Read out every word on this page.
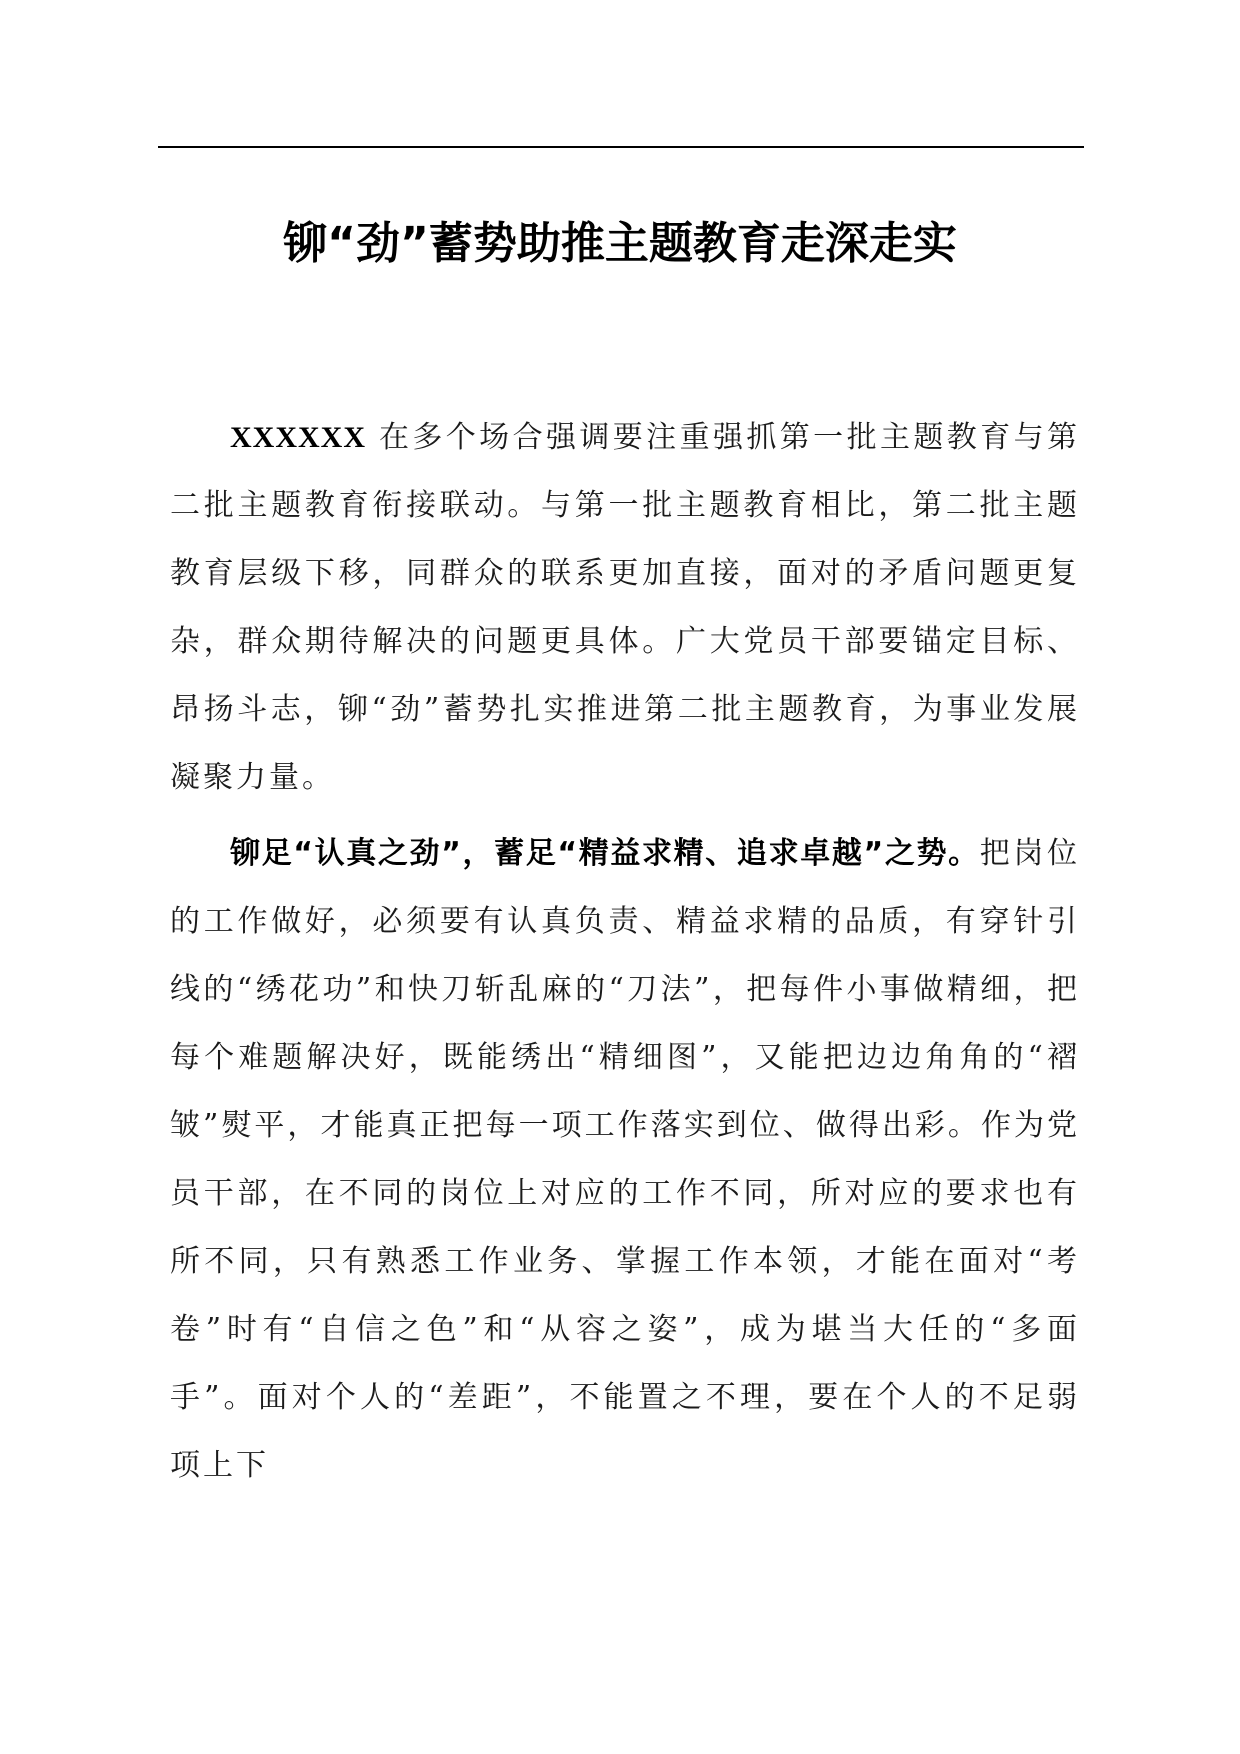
铆“劲”蓄势助推主题教育走深走实

XXXXXX 在多个场合强调要注重强抓第一批主题教育与第二批主题教育衔接联动。与第一批主题教育相比，第二批主题教育层级下移，同群众的联系更加直接，面对的矛盾问题更复杂，群众期待解决的问题更具体。广大党员干部要锚定目标、昂扬斗志，铆“劲”蓄势扎实推进第二批主题教育，为事业发展凝聚力量。

铆足“认真之劲”，蓄足“精益求精、追求卓越”之势。把岗位的工作做好，必须要有认真负责、精益求精的品质，有穿针引线的“绣花功”和快刀斩乱麻的“刀法”，把每件小事做精细，把每个难题解决好，既能绣出“精细图”，又能把边边角角的“褶皱”熨平，才能真正把每一项工作落实到位、做得出彩。作为党员干部，在不同的岗位上对应的工作不同，所对应的要求也有所不同，只有熟悉工作业务、掌握工作本领，才能在面对“考卷”时有“自信之色”和“从容之姿”，成为堪当大任的“多面手”。面对个人的“差距”，不能置之不理，要在个人的不足弱项上下
